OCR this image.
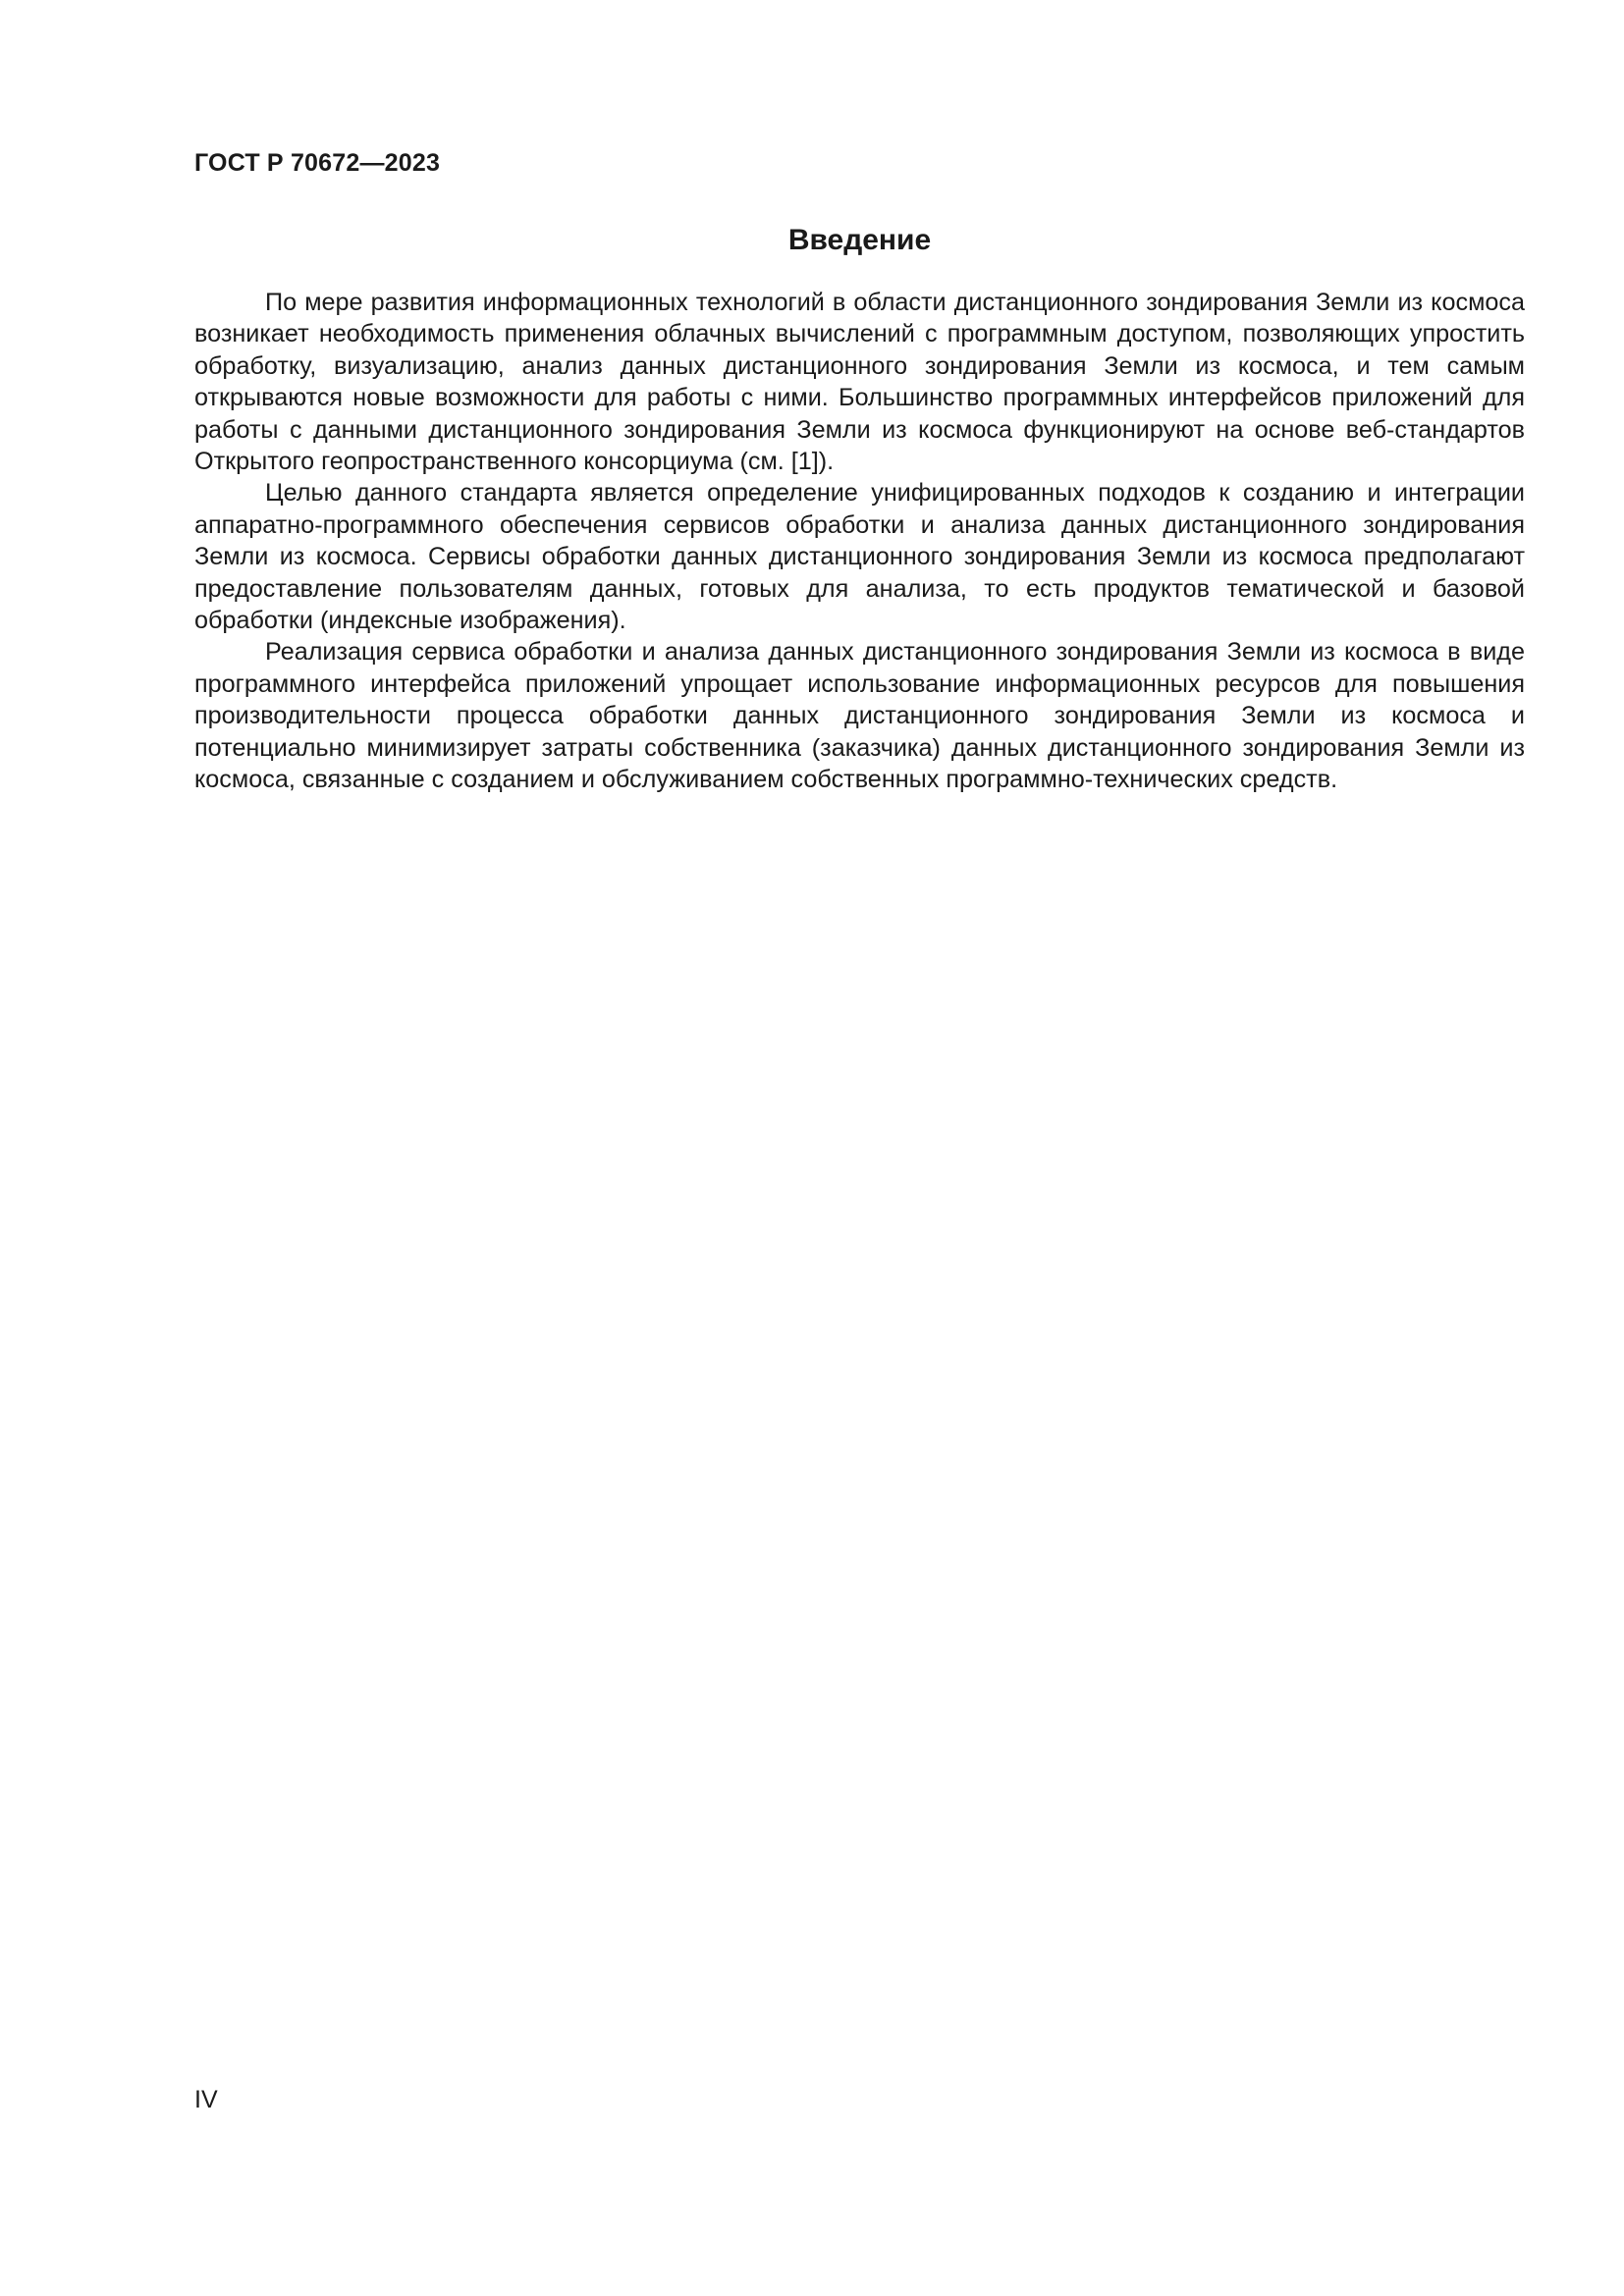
ГОСТ Р 70672—2023
Введение

По мере развития информационных технологий в области дистанционного зондирования Земли из космоса возникает необходимость применения облачных вычислений с программным доступом, позволяющих упростить обработку, визуализацию, анализ данных дистанционного зондирования Земли из космоса, и тем самым открываются новые возможности для работы с ними. Большинство программных интерфейсов приложений для работы с данными дистанционного зондирования Земли из космоса функционируют на основе веб-стандартов Открытого геопространственного консорциума (см. [1]).

Целью данного стандарта является определение унифицированных подходов к созданию и интеграции аппаратно-программного обеспечения сервисов обработки и анализа данных дистанционного зондирования Земли из космоса. Сервисы обработки данных дистанционного зондирования Земли из космоса предполагают предоставление пользователям данных, готовых для анализа, то есть продуктов тематической и базовой обработки (индексные изображения).

Реализация сервиса обработки и анализа данных дистанционного зондирования Земли из космоса в виде программного интерфейса приложений упрощает использование информационных ресурсов для повышения производительности процесса обработки данных дистанционного зондирования Земли из космоса и потенциально минимизирует затраты собственника (заказчика) данных дистанционного зондирования Земли из космоса, связанные с созданием и обслуживанием собственных программно-технических средств.

IV
